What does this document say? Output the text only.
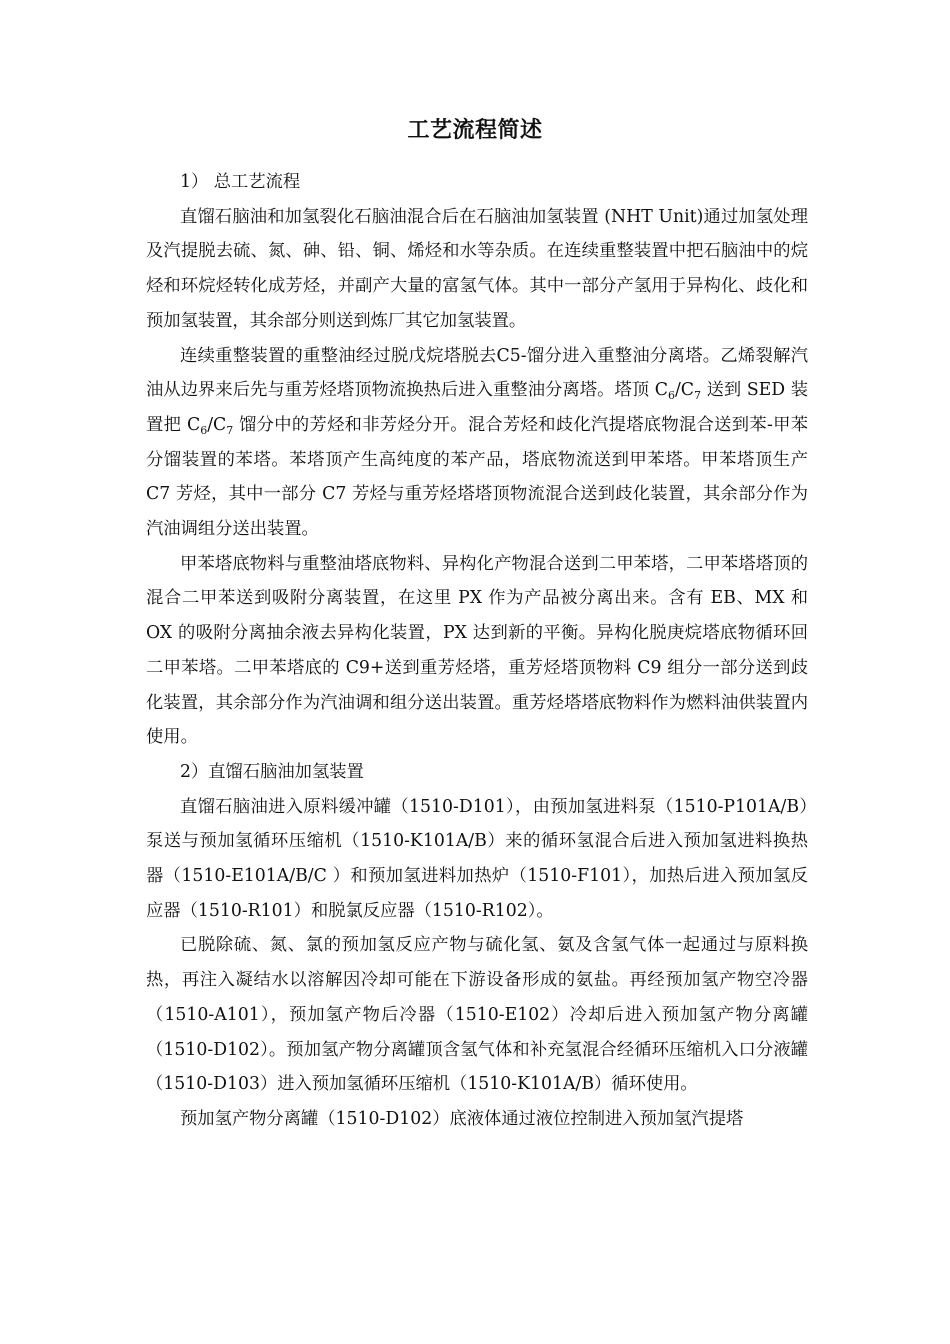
工艺流程简述

1） 总工艺流程

直馏石脑油和加氢裂化石脑油混合后在石脑油加氢装置 (NHT Unit)通过加氢处理及汽提脱去硫、氮、砷、铅、铜、烯烃和水等杂质。在连续重整装置中把石脑油中的烷烃和环烷烃转化成芳烃，并副产大量的富氢气体。其中一部分产氢用于异构化、歧化和预加氢装置，其余部分则送到炼厂其它加氢装置。

连续重整装置的重整油经过脱戊烷塔脱去C5-馏分进入重整油分离塔。乙烯裂解汽油从边界来后先与重芳烃塔顶物流换热后进入重整油分离塔。塔顶 $C_6/C_7$ 送到 SED 装置把 $C_6/C_7$ 馏分中的芳烃和非芳烃分开。混合芳烃和歧化汽提塔底物混合送到苯-甲苯分馏装置的苯塔。苯塔顶产生高纯度的苯产品，塔底物流送到甲苯塔。甲苯塔顶生产 C7 芳烃，其中一部分 C7 芳烃与重芳烃塔塔顶物流混合送到歧化装置，其余部分作为汽油调组分送出装置。

甲苯塔底物料与重整油塔底物料、异构化产物混合送到二甲苯塔，二甲苯塔塔顶的混合二甲苯送到吸附分离装置，在这里 PX 作为产品被分离出来。含有 EB、MX 和 OX 的吸附分离抽余液去异构化装置，PX 达到新的平衡。异构化脱庚烷塔底物循环回二甲苯塔。二甲苯塔底的 C9+送到重芳烃塔，重芳烃塔顶物料 C9 组分一部分送到歧化装置，其余部分作为汽油调和组分送出装置。重芳烃塔塔底物料作为燃料油供装置内使用。

2）直馏石脑油加氢装置

直馏石脑油进入原料缓冲罐（1510-D101），由预加氢进料泵（1510-P101A/B）泵送与预加氢循环压缩机（1510-K101A/B）来的循环氢混合后进入预加氢进料换热器（1510-E101A/B/C ）和预加氢进料加热炉（1510-F101），加热后进入预加氢反应器（1510-R101）和脱氯反应器（1510-R102）。

已脱除硫、氮、氯的预加氢反应产物与硫化氢、氨及含氢气体一起通过与原料换热，再注入凝结水以溶解因冷却可能在下游设备形成的氨盐。再经预加氢产物空冷器（1510-A101），预加氢产物后冷器（1510-E102）冷却后进入预加氢产物分离罐（1510-D102）。预加氢产物分离罐顶含氢气体和补充氢混合经循环压缩机入口分液罐（1510-D103）进入预加氢循环压缩机（1510-K101A/B）循环使用。

预加氢产物分离罐（1510-D102）底液体通过液位控制进入预加氢汽提塔
